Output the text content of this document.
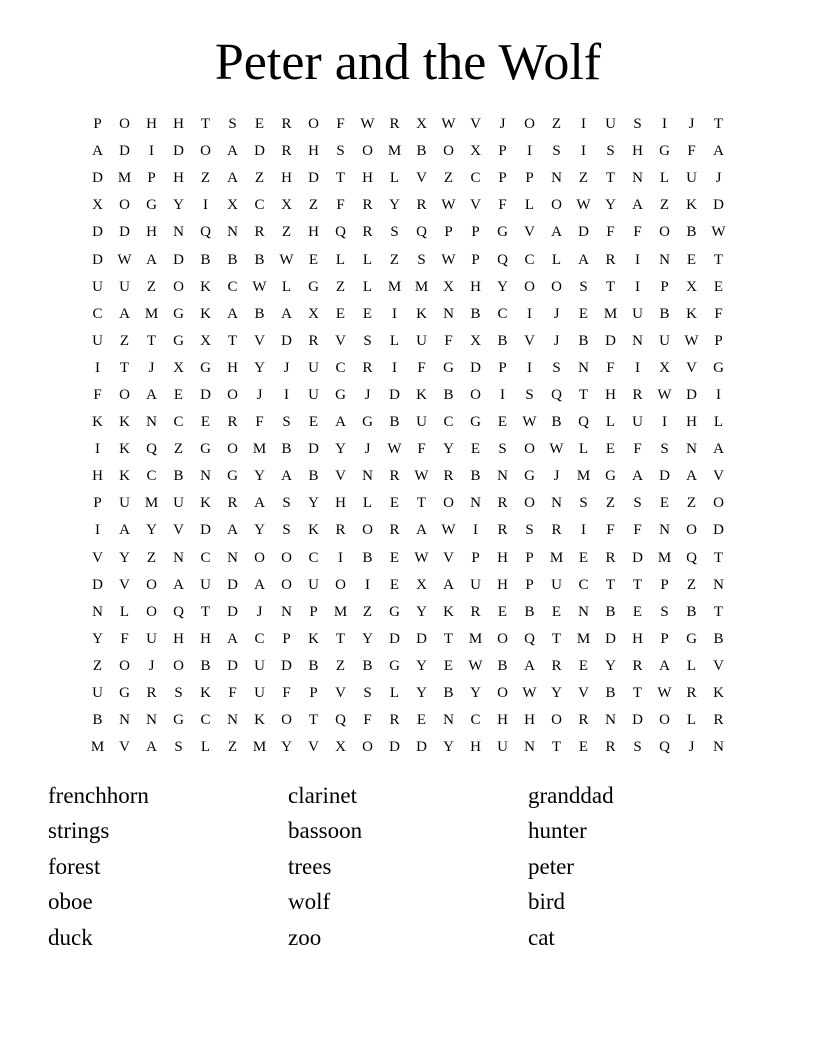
Peter and the Wolf
P	O	H	H	T	S	E	R	O	F	W R	X W V	J	O	Z	I	U	S	I	J	T
A	D	I	D	O	A	D	R	H	S	O M	B	O	X	P	I	S	I	S	H	G	F	A
D M	P	H	Z	A	Z	H	D	T	H	L	V	Z	C	P	P	N	Z	T	N	L	U	J
X	O	G	Y	I	X	C	X	Z	F	R	Y	R W V	F	L	O W Y	A	Z	K	D
D	D	H	N	Q	N	R	Z	H	Q	R	S	Q	P	P	G	V	A	D	F	F	O	B W
D W A	D	B	B	B W	E	L	L	Z	S	W	P	Q	C	L	A	R	I	N	E	T
U	U	Z	O	K	C W	L	G	Z	L	M M X	H	Y	O	O	S	T	I	P	X	E
C	A M G	K	A	B	A	X	E	E	I	K	N	B	C	I	J	E	M U	B	K	F
U	Z	T	G	X	T	V	D	R	V	S	L	U	F	X	B	V	J	B	D	N	U W	P
I	T	J	X	G	H	Y	J	U	C	R	I	F	G	D	P	I	S	N	F	I	X	V	G
F	O	A	E	D	O	J	I	U	G	J	D	K	B	O	I	S	Q	T	H	R W D	I
K	K	N	C	E	R	F	S	E	A	G	B	U	C	G	E	W B	Q	L	U	I	H	L
I	K	Q	Z	G	O M	B	D	Y	J	W	F	Y	E	S	O W	L	E	F	S	N	A
H	K	C	B	N	G	Y	A	B	V	N	R W R	B	N	G	J	M G	A	D	A	V
P	U M U	K	R	A	S	Y	H	L	E	T	O	N	R	O	N	S	Z	S	E	Z	O
I	A	Y	V	D	A	Y	S	K	R	O	R	A W	I	R	S	R	I	F	F	N	O	D
V	Y	Z	N	C	N	O	O	C	I	B	E	W V	P	H	P	M	E	R	D M Q	T
D	V	O	A	U	D	A	O	U	O	I	E	X	A	U	H	P	U	C	T	T	P	Z	N
N	L	O	Q	T	D	J	N	P	M	Z	G	Y	K	R	E	B	E	N	B	E	S	B	T
Y	F	U	H	H	A	C	P	K	T	Y	D	D	T	M O	Q	T	M D	H	P	G	B
Z	O	J	O	B	D	U	D	B	Z	B	G	Y	E	W B	A	R	E	Y	R	A	L	V
U	G	R	S	K	F	U	F	P	V	S	L	Y	B	Y	O W Y	V	B	T	W R	K
B	N	N	G	C	N	K	O	T	Q	F	R	E	N	C	H	H	O	R	N	D	O	L	R
M V	A	S	L	Z	M Y	V	X	O	D	D	Y	H	U	N	T	E	R	S	Q	J	N
frenchhorn	clarinet	granddad
strings	bassoon	hunter
forest	trees	peter
oboe	wolf	bird
duck	zoo	cat
